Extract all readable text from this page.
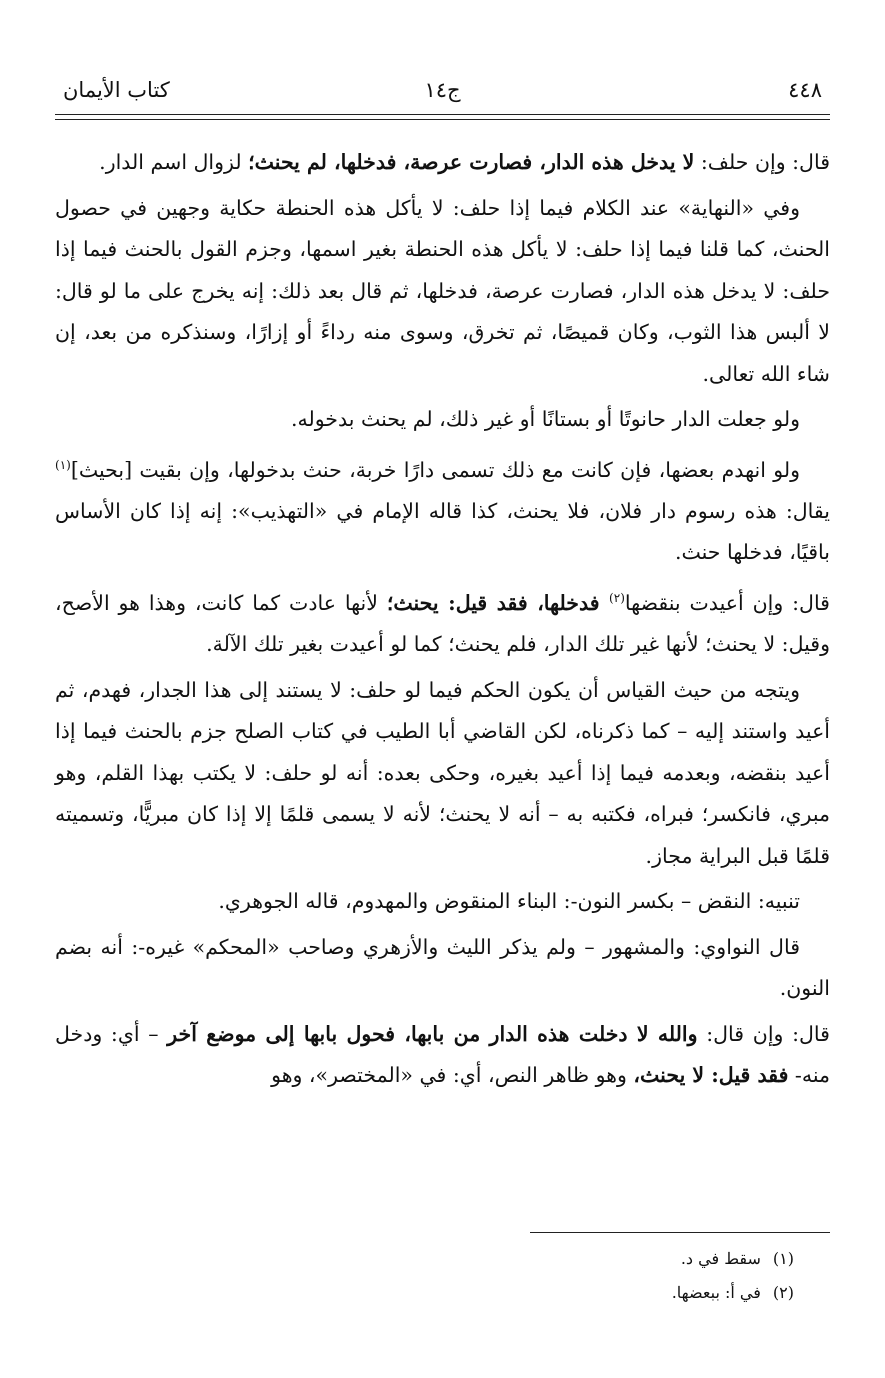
٤٤٨
ج١٤
كتاب الأيمان

قال: وإن حلف: لا يدخل هذه الدار، فصارت عرصة، فدخلها، لم يحنث؛ لزوال اسم الدار.

وفي «النهاية» عند الكلام فيما إذا حلف: لا يأكل هذه الحنطة حكاية وجهين في حصول الحنث، كما قلنا فيما إذا حلف: لا يأكل هذه الحنطة بغير اسمها، وجزم القول بالحنث فيما إذا حلف: لا يدخل هذه الدار، فصارت عرصة، فدخلها، ثم قال بعد ذلك: إنه يخرج على ما لو قال: لا ألبس هذا الثوب، وكان قميصًا، ثم تخرق، وسوى منه رداءً أو إزارًا، وسنذكره من بعد، إن شاء الله تعالى.

ولو جعلت الدار حانوتًا أو بستانًا أو غير ذلك، لم يحنث بدخوله.

ولو انهدم بعضها، فإن كانت مع ذلك تسمى دارًا خربة، حنث بدخولها، وإن بقيت [بحيث]$^{(١)}$ يقال: هذه رسوم دار فلان، فلا يحنث، كذا قاله الإمام في «التهذيب»: إنه إذا كان الأساس باقيًا، فدخلها حنث.

قال: وإن أعيدت بنقضها$^{(٢)}$ فدخلها، فقد قيل: يحنث؛ لأنها عادت كما كانت، وهذا هو الأصح، وقيل: لا يحنث؛ لأنها غير تلك الدار، فلم يحنث؛ كما لو أعيدت بغير تلك الآلة.

ويتجه من حيث القياس أن يكون الحكم فيما لو حلف: لا يستند إلى هذا الجدار، فهدم، ثم أعيد واستند إليه – كما ذكرناه، لكن القاضي أبا الطيب في كتاب الصلح جزم بالحنث فيما إذا أعيد بنقضه، وبعدمه فيما إذا أعيد بغيره، وحكى بعده: أنه لو حلف: لا يكتب بهذا القلم، وهو مبري، فانكسر؛ فبراه، فكتبه به – أنه لا يحنث؛ لأنه لا يسمى قلمًا إلا إذا كان مبريًّا، وتسميته قلمًا قبل البراية مجاز.

تنبيه: النقض – بكسر النون-: البناء المنقوض والمهدوم، قاله الجوهري.

قال النواوي: والمشهور – ولم يذكر الليث والأزهري وصاحب «المحكم» غيره-: أنه بضم النون.

قال: وإن قال: والله لا دخلت هذه الدار من بابها، فحول بابها إلى موضع آخر – أي: ودخل منه- فقد قيل: لا يحنث، وهو ظاهر النص، أي: في «المختصر»، وهو

(١)سقط في د.
(٢)في أ: ببعضها.
